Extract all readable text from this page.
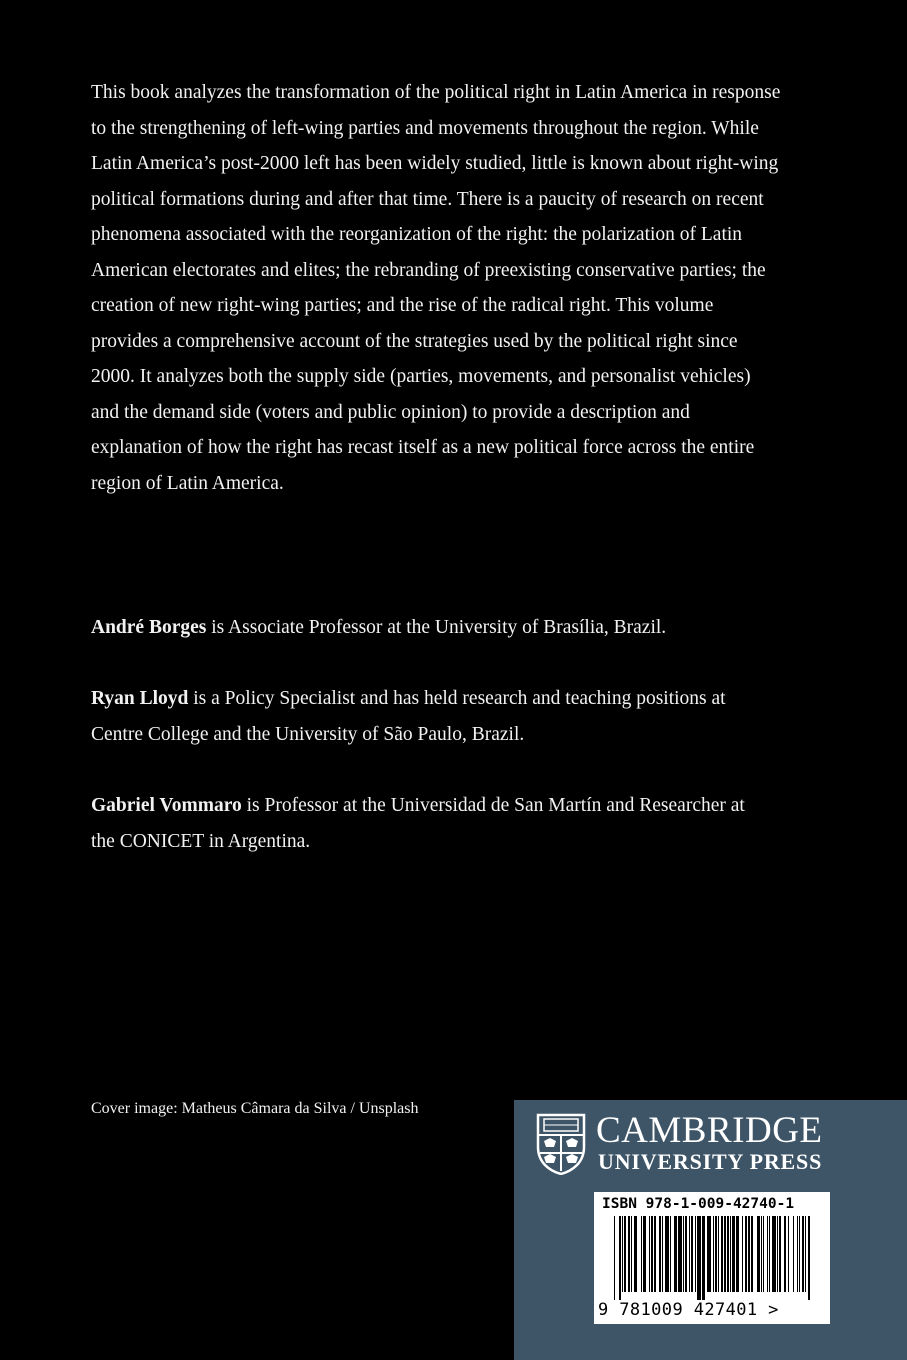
This book analyzes the transformation of the political right in Latin America in response to the strengthening of left-wing parties and movements throughout the region. While Latin America’s post-2000 left has been widely studied, little is known about right-wing political formations during and after that time. There is a paucity of research on recent phenomena associated with the reorganization of the right: the polarization of Latin American electorates and elites; the rebranding of preexisting conservative parties; the creation of new right-wing parties; and the rise of the radical right. This volume provides a comprehensive account of the strategies used by the political right since 2000. It analyzes both the supply side (parties, movements, and personalist vehicles) and the demand side (voters and public opinion) to provide a description and explanation of how the right has recast itself as a new political force across the entire region of Latin America.

André Borges is Associate Professor at the University of Brasília, Brazil.

Ryan Lloyd is a Policy Specialist and has held research and teaching positions at Centre College and the University of São Paulo, Brazil.

Gabriel Vommaro is Professor at the Universidad de San Martín and Researcher at the CONICET in Argentina.

Cover image: Matheus Câmara da Silva / Unsplash
CAMBRIDGE
UNIVERSITY PRESS
ISBN 978-1-009-42740-1
9 781009 427401 >
